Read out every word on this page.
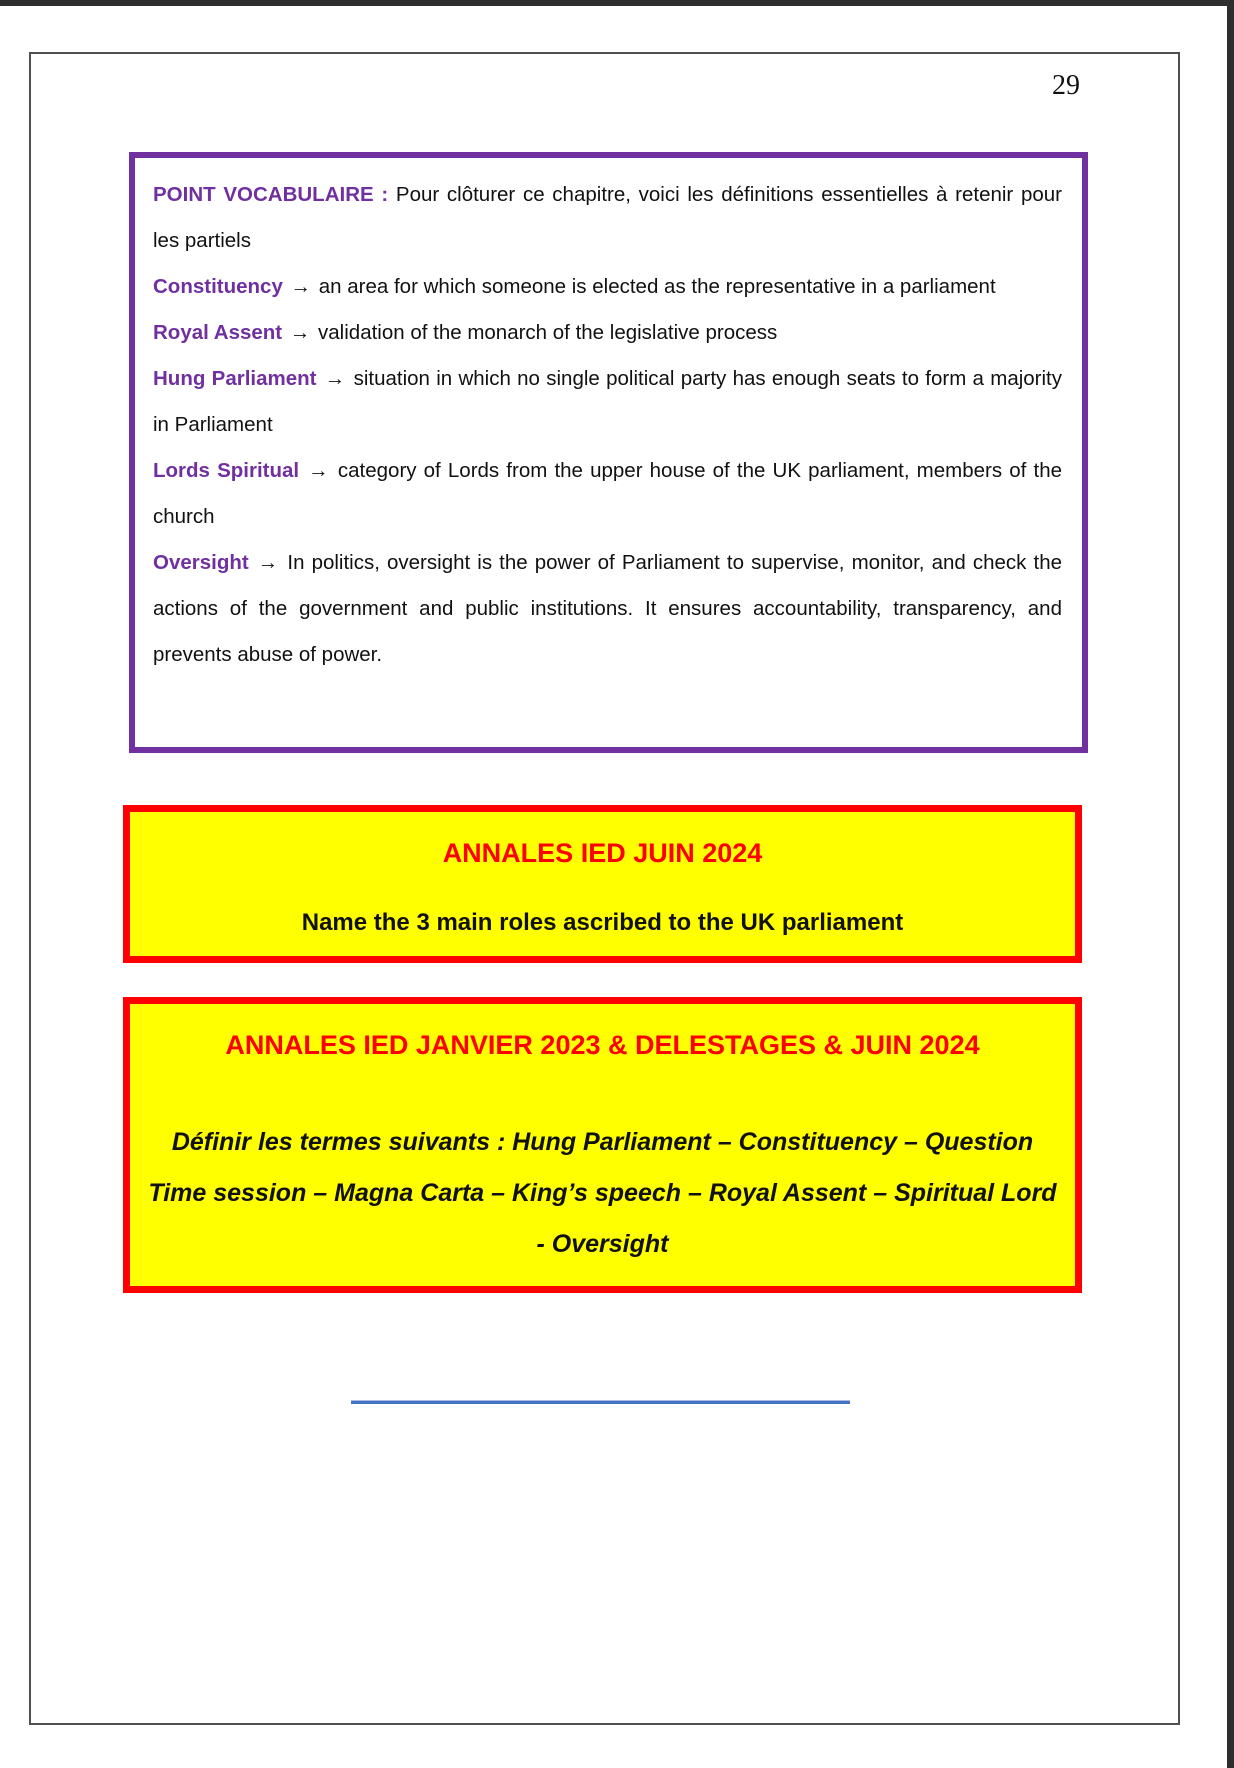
29

POINT VOCABULAIRE : Pour clôturer ce chapitre, voici les définitions essentielles à retenir pour les partiels

Constituency → an area for which someone is elected as the representative in a parliament

Royal Assent → validation of the monarch of the legislative process

Hung Parliament → situation in which no single political party has enough seats to form a majority in Parliament

Lords Spiritual → category of Lords from the upper house of the UK parliament, members of the church

Oversight → In politics, oversight is the power of Parliament to supervise, monitor, and check the actions of the government and public institutions. It ensures accountability, transparency, and prevents abuse of power.

ANNALES IED JUIN 2024

Name the 3 main roles ascribed to the UK parliament

ANNALES IED JANVIER 2023 & DELESTAGES & JUIN 2024

Définir les termes suivants : Hung Parliament – Constituency – Question
Time session – Magna Carta – King’s speech – Royal Assent – Spiritual Lord
- Oversight
